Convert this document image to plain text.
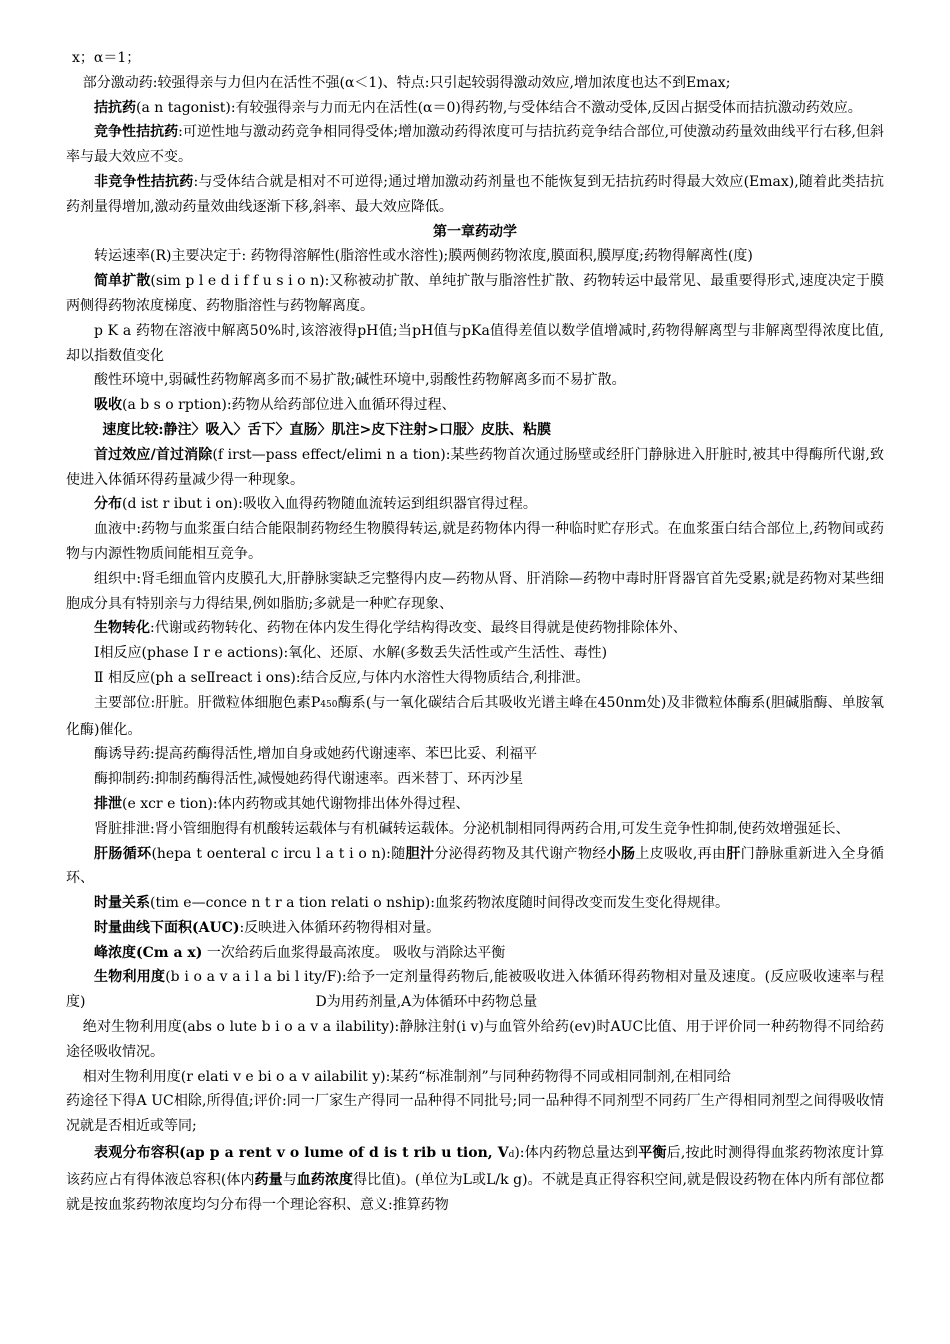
x；α＝1；

部分激动药:较强得亲与力但内在活性不强(α＜1)、特点:只引起较弱得激动效应,增加浓度也达不到Emax;

拮抗药(a n tagonist):有较强得亲与力而无内在活性(α＝0)得药物,与受体结合不激动受体,反因占据受体而拮抗激动药效应。

竞争性拮抗药:可逆性地与激动药竞争相同得受体;增加激动药得浓度可与拮抗药竞争结合部位,可使激动药量效曲线平行右移,但斜率与最大效应不变。

非竞争性拮抗药:与受体结合就是相对不可逆得;通过增加激动药剂量也不能恢复到无拮抗药时得最大效应(Emax),随着此类拮抗药剂量得增加,激动药量效曲线逐渐下移,斜率、最大效应降低。

第一章药动学

转运速率(R)主要决定于: 药物得溶解性(脂溶性或水溶性);膜两侧药物浓度,膜面积,膜厚度;药物得解离性(度)

简单扩散(sim p l e d i f f u s i o n):又称被动扩散、单纯扩散与脂溶性扩散、药物转运中最常见、最重要得形式,速度决定于膜两侧得药物浓度梯度、药物脂溶性与药物解离度。

p K a 药物在溶液中解离50%时,该溶液得pH值;当pH值与pKa值得差值以数学值增减时,药物得解离型与非解离型得浓度比值,却以指数值变化

酸性环境中,弱碱性药物解离多而不易扩散;碱性环境中,弱酸性药物解离多而不易扩散。

吸收(a b s o rption):药物从给药部位进入血循环得过程、

速度比较:静注〉吸入〉舌下〉直肠〉肌注>皮下注射>口服〉皮肤、粘膜

首过效应/首过消除(f irst—pass effect/elimi n a tion):某些药物首次通过肠壁或经肝门静脉进入肝脏时,被其中得酶所代谢,致使进入体循环得药量减少得一种现象。

分布(d ist r ibut i on):吸收入血得药物随血流转运到组织器官得过程。

血液中:药物与血浆蛋白结合能限制药物经生物膜得转运,就是药物体内得一种临时贮存形式。在血浆蛋白结合部位上,药物间或药物与内源性物质间能相互竞争。

组织中:肾毛细血管内皮膜孔大,肝静脉窦缺乏完整得内皮—药物从肾、肝消除—药物中毒时肝肾器官首先受累;就是药物对某些细胞成分具有特别亲与力得结果,例如脂肪;多就是一种贮存现象、

生物转化:代谢或药物转化、药物在体内发生得化学结构得改变、最终目得就是使药物排除体外、

Ⅰ相反应(phase I r e actions):氧化、还原、水解(多数丢失活性或产生活性、毒性)

Ⅱ 相反应(ph a seⅡreact i ons):结合反应,与体内水溶性大得物质结合,利排泄。

主要部位:肝脏。肝微粒体细胞色素P450酶系(与一氧化碳结合后其吸收光谱主峰在450nm处)及非微粒体酶系(胆碱脂酶、单胺氧化酶)催化。

酶诱导药:提高药酶得活性,增加自身或她药代谢速率、苯巴比妥、利福平

酶抑制药:抑制药酶得活性,减慢她药得代谢速率。西米替丁、环丙沙星

排泄(e xcr e tion):体内药物或其她代谢物排出体外得过程、

肾脏排泄:肾小管细胞得有机酸转运载体与有机碱转运载体。分泌机制相同得两药合用,可发生竞争性抑制,使药效增强延长、

肝肠循环(hepa t oenteral c ircu l a t i o n):随胆汁分泌得药物及其代谢产物经小肠上皮吸收,再由肝门静脉重新进入全身循环、

时量关系(tim e—conce n t r a tion relati o nship):血浆药物浓度随时间得改变而发生变化得规律。

时量曲线下面积(AUC):反映进入体循环药物得相对量。

峰浓度(Cm a x) 一次给药后血浆得最高浓度。 吸收与消除达平衡

生物利用度(b i o a v a i l a bi l ity/F):给予一定剂量得药物后,能被吸收进入体循环得药物相对量及速度。(反应吸收速率与程度)	D为用药剂量,A为体循环中药物总量

绝对生物利用度(abs o lute b i o a v a ilability):静脉注射(i v)与血管外给药(ev)时AUC比值、用于评价同一种药物得不同给药途径吸收情况。

相对生物利用度(r elati v e bi o a v ailabilit y):某药“标准制剂”与同种药物得不同或相同制剂,在相同给

药途径下得A UC相除,所得值;评价:同一厂家生产得同一品种得不同批号;同一品种得不同剂型不同药厂生产得相同剂型之间得吸收情况就是否相近或等同;

表观分布容积(ap p a rent v o lume of d is t rib u tion, Vd):体内药物总量达到平衡后,按此时测得得血浆药物浓度计算该药应占有得体液总容积(体内药量与血药浓度得比值)。(单位为L或L/k g)。不就是真正得容积空间,就是假设药物在体内所有部位都就是按血浆药物浓度均匀分布得一个理论容积、意义:推算药物
